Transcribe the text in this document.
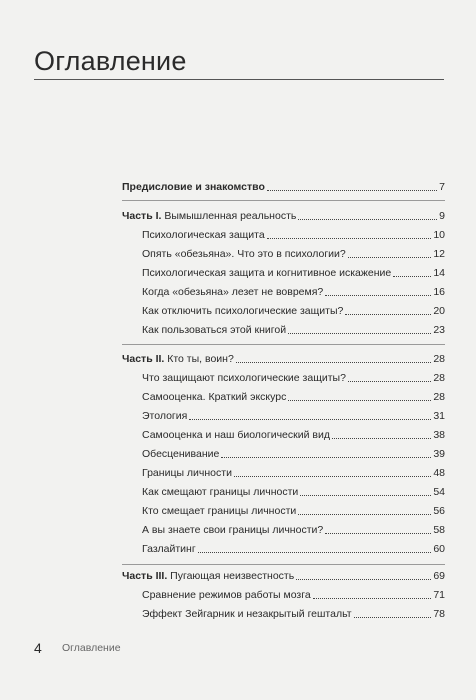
Оглавление
Предисловие и знакомство	7
Часть I. Вымышленная реальность	9
Психологическая защита	10
Опять «обезьяна». Что это в психологии?	12
Психологическая защита и когнитивное искажение	14
Когда «обезьяна» лезет не вовремя?	16
Как отключить психологические защиты?	20
Как пользоваться этой книгой	23
Часть II. Кто ты, воин?	28
Что защищают психологические защиты?	28
Самооценка. Краткий экскурс	28
Этология	31
Самооценка и наш биологический вид	38
Обесценивание	39
Границы личности	48
Как смещают границы личности	54
Кто смещает границы личности	56
А вы знаете свои границы личности?	58
Газлайтинг	60
Часть III. Пугающая неизвестность	69
Сравнение режимов работы мозга	71
Эффект Зейгарник и незакрытый гештальт	78
4 Оглавление
